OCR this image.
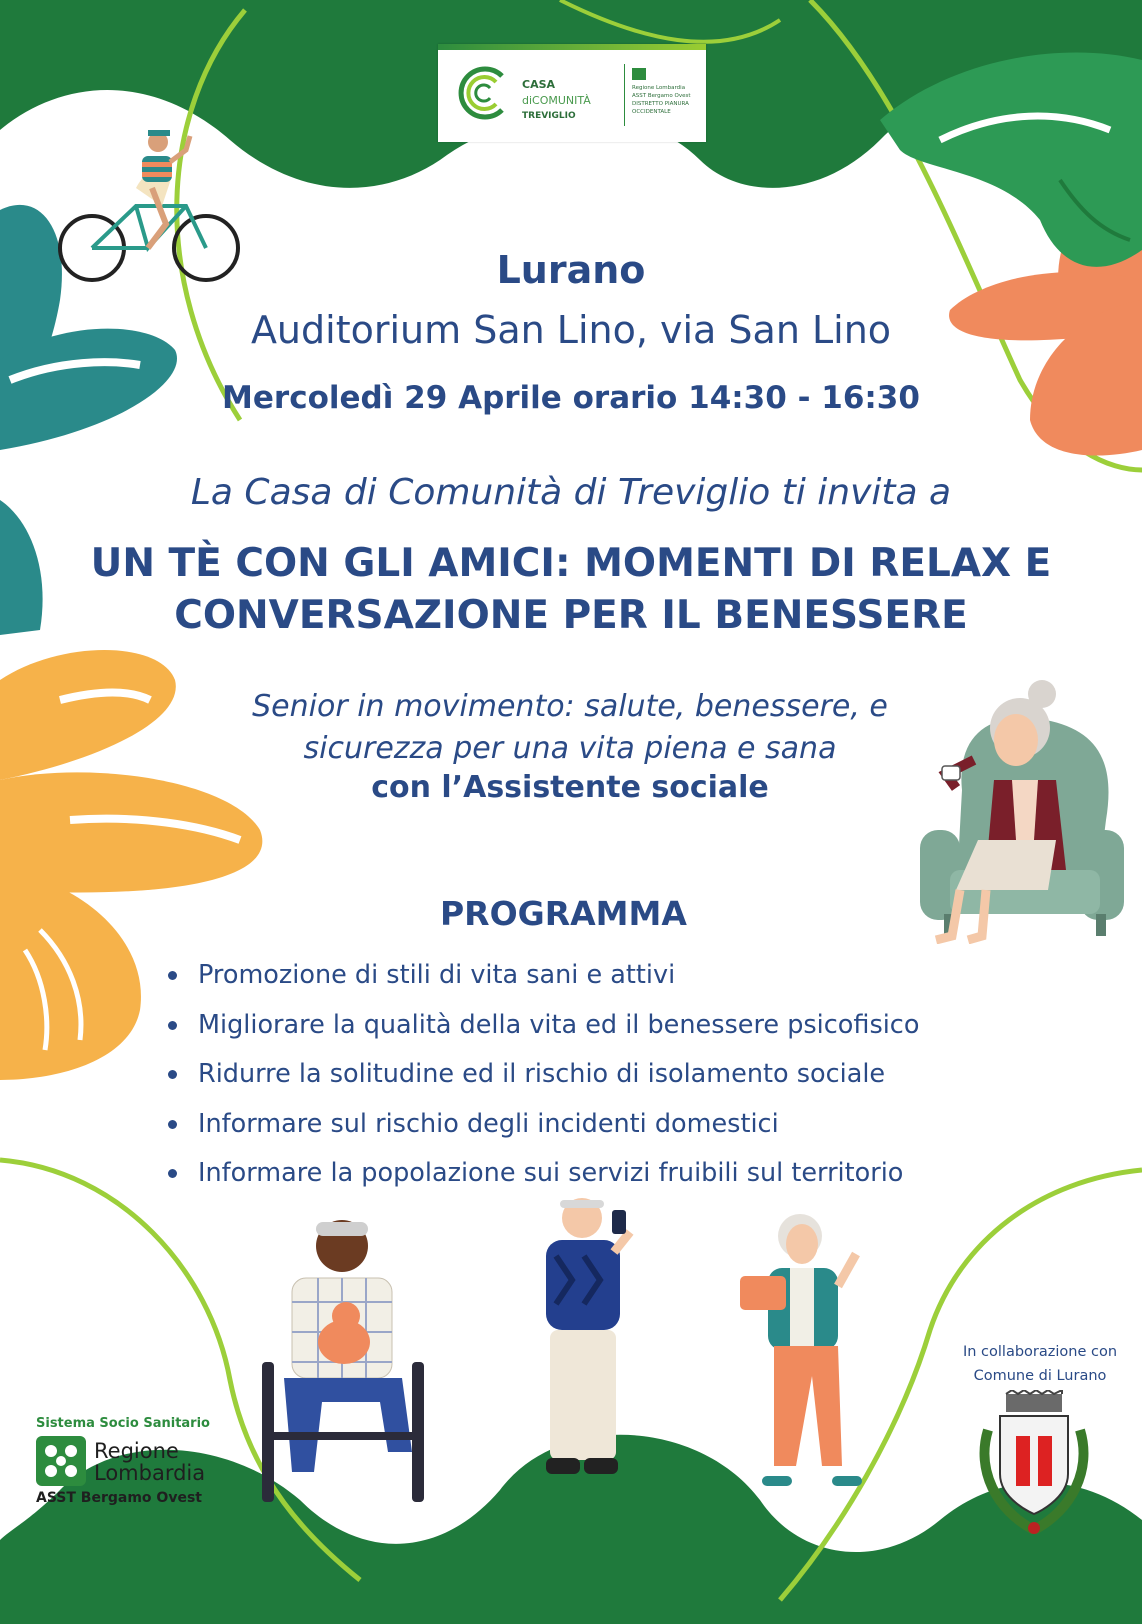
CASA
diCOMUNITÀ
TREVIGLIO
Regione Lombardia ASST Bergamo Ovest DISTRETTO PIANURA OCCIDENTALE
Lurano
Auditorium San Lino, via San Lino
Mercoledì 29 Aprile orario 14:30 - 16:30
La Casa di Comunità di Treviglio ti invita a
UN TÈ CON GLI AMICI: MOMENTI DI RELAX E
CONVERSAZIONE PER IL BENESSERE
Senior in movimento: salute, benessere, e
sicurezza per una vita piena e sana
con l’Assistente sociale
PROGRAMMA
Promozione di stili di vita sani e attivi
Migliorare la qualità della vita ed il benessere psicofisico
Ridurre la solitudine ed il rischio di isolamento sociale
Informare sul rischio degli incidenti domestici
Informare la popolazione sui servizi fruibili sul territorio
Sistema Socio Sanitario
Regione
Lombardia
ASST Bergamo Ovest
In collaborazione con
Comune di Lurano
